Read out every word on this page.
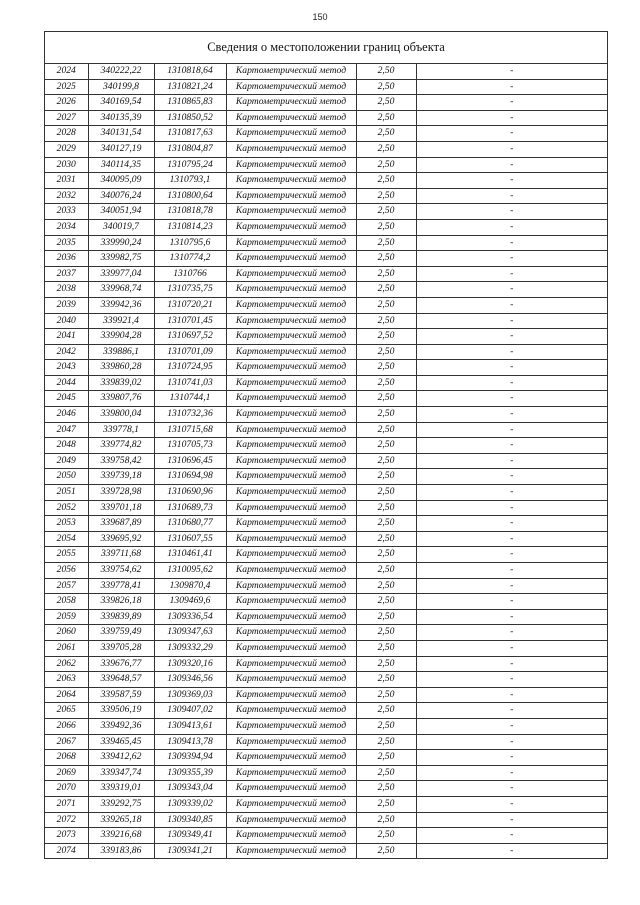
150
Сведения о местоположении границ объекта
2024	340222,22	1310818,64	Картометрический метод	2,50	-
2025	340199,8	1310821,24	Картометрический метод	2,50	-
2026	340169,54	1310865,83	Картометрический метод	2,50	-
2027	340135,39	1310850,52	Картометрический метод	2,50	-
2028	340131,54	1310817,63	Картометрический метод	2,50	-
2029	340127,19	1310804,87	Картометрический метод	2,50	-
2030	340114,35	1310795,24	Картометрический метод	2,50	-
2031	340095,09	1310793,1	Картометрический метод	2,50	-
2032	340076,24	1310800,64	Картометрический метод	2,50	-
2033	340051,94	1310818,78	Картометрический метод	2,50	-
2034	340019,7	1310814,23	Картометрический метод	2,50	-
2035	339990,24	1310795,6	Картометрический метод	2,50	-
2036	339982,75	1310774,2	Картометрический метод	2,50	-
2037	339977,04	1310766	Картометрический метод	2,50	-
2038	339968,74	1310735,75	Картометрический метод	2,50	-
2039	339942,36	1310720,21	Картометрический метод	2,50	-
2040	339921,4	1310701,45	Картометрический метод	2,50	-
2041	339904,28	1310697,52	Картометрический метод	2,50	-
2042	339886,1	1310701,09	Картометрический метод	2,50	-
2043	339860,28	1310724,95	Картометрический метод	2,50	-
2044	339839,02	1310741,03	Картометрический метод	2,50	-
2045	339807,76	1310744,1	Картометрический метод	2,50	-
2046	339800,04	1310732,36	Картометрический метод	2,50	-
2047	339778,1	1310715,68	Картометрический метод	2,50	-
2048	339774,82	1310705,73	Картометрический метод	2,50	-
2049	339758,42	1310696,45	Картометрический метод	2,50	-
2050	339739,18	1310694,98	Картометрический метод	2,50	-
2051	339728,98	1310690,96	Картометрический метод	2,50	-
2052	339701,18	1310689,73	Картометрический метод	2,50	-
2053	339687,89	1310680,77	Картометрический метод	2,50	-
2054	339695,92	1310607,55	Картометрический метод	2,50	-
2055	339711,68	1310461,41	Картометрический метод	2,50	-
2056	339754,62	1310095,62	Картометрический метод	2,50	-
2057	339778,41	1309870,4	Картометрический метод	2,50	-
2058	339826,18	1309469,6	Картометрический метод	2,50	-
2059	339839,89	1309336,54	Картометрический метод	2,50	-
2060	339759,49	1309347,63	Картометрический метод	2,50	-
2061	339705,28	1309332,29	Картометрический метод	2,50	-
2062	339676,77	1309320,16	Картометрический метод	2,50	-
2063	339648,57	1309346,56	Картометрический метод	2,50	-
2064	339587,59	1309369,03	Картометрический метод	2,50	-
2065	339506,19	1309407,02	Картометрический метод	2,50	-
2066	339492,36	1309413,61	Картометрический метод	2,50	-
2067	339465,45	1309413,78	Картометрический метод	2,50	-
2068	339412,62	1309394,94	Картометрический метод	2,50	-
2069	339347,74	1309355,39	Картометрический метод	2,50	-
2070	339319,01	1309343,04	Картометрический метод	2,50	-
2071	339292,75	1309339,02	Картометрический метод	2,50	-
2072	339265,18	1309340,85	Картометрический метод	2,50	-
2073	339216,68	1309349,41	Картометрический метод	2,50	-
2074	339183,86	1309341,21	Картометрический метод	2,50	-
